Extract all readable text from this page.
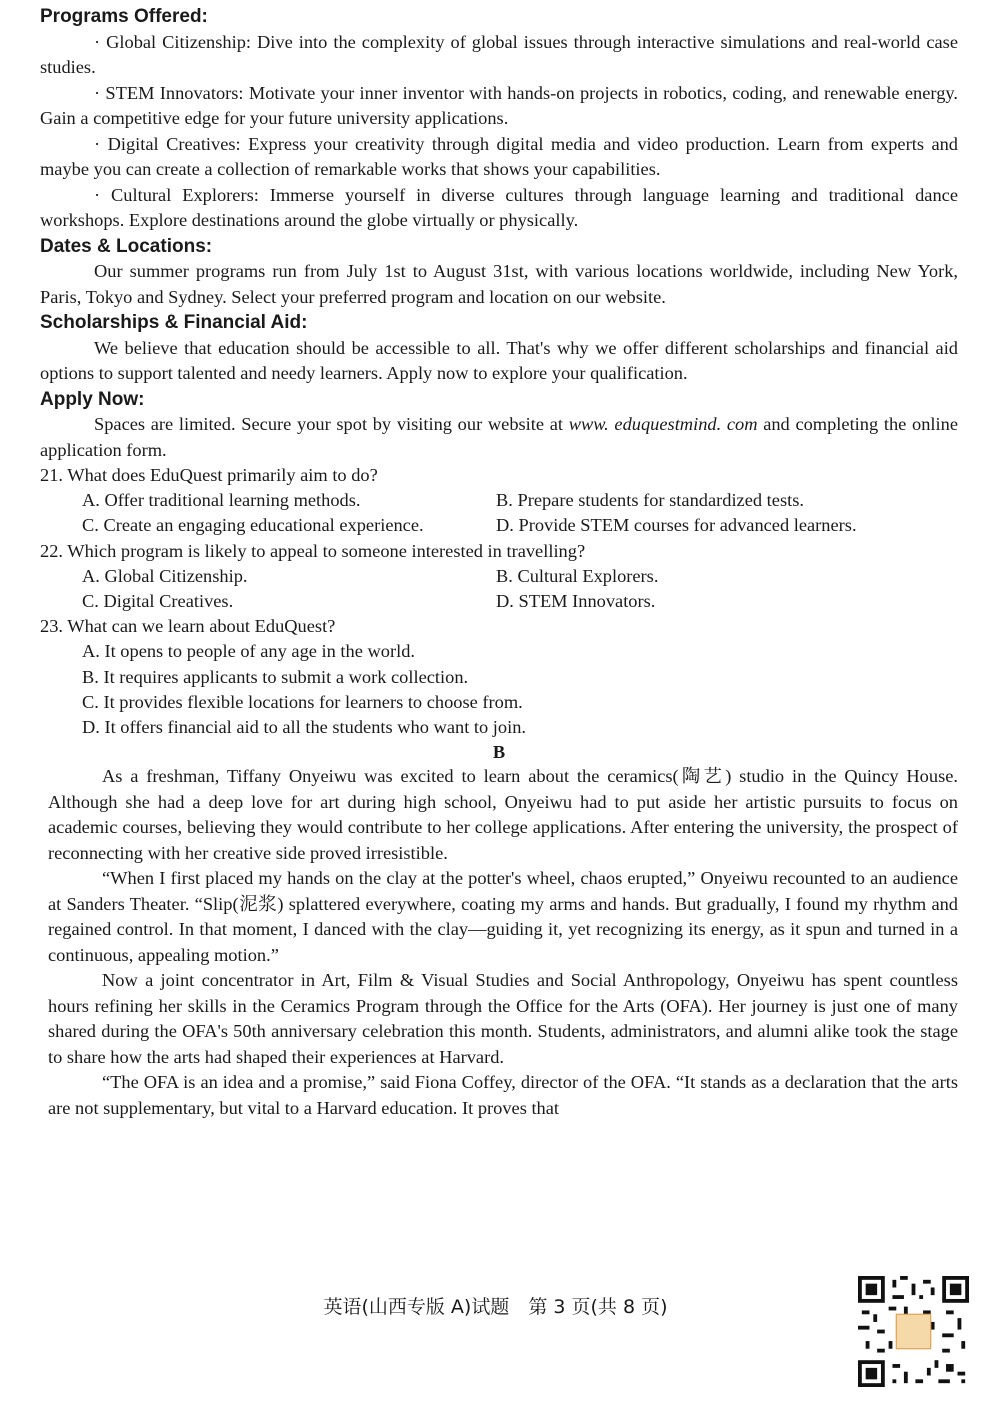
Programs Offered:

· Global Citizenship: Dive into the complexity of global issues through interactive simulations and real-world case studies.

· STEM Innovators: Motivate your inner inventor with hands-on projects in robotics, coding, and renewable energy. Gain a competitive edge for your future university applications.

· Digital Creatives: Express your creativity through digital media and video production. Learn from experts and maybe you can create a collection of remarkable works that shows your capabilities.

· Cultural Explorers: Immerse yourself in diverse cultures through language learning and traditional dance workshops. Explore destinations around the globe virtually or physically.

Dates & Locations:

Our summer programs run from July 1st to August 31st, with various locations worldwide, including New York, Paris, Tokyo and Sydney. Select your preferred program and location on our website.

Scholarships & Financial Aid:

We believe that education should be accessible to all. That's why we offer different scholarships and financial aid options to support talented and needy learners. Apply now to explore your qualification.

Apply Now:

Spaces are limited. Secure your spot by visiting our website at www. eduquestmind. com and completing the online application form.

21. What does EduQuest primarily aim to do?

A. Offer traditional learning methods.	B. Prepare students for standardized tests.
C. Create an engaging educational experience.	D. Provide STEM courses for advanced learners.

22. Which program is likely to appeal to someone interested in travelling?

A. Global Citizenship.	B. Cultural Explorers.
C. Digital Creatives.	D. STEM Innovators.

23. What can we learn about EduQuest?

A. It opens to people of any age in the world.
B. It requires applicants to submit a work collection.
C. It provides flexible locations for learners to choose from.
D. It offers financial aid to all the students who want to join.

B

As a freshman, Tiffany Onyeiwu was excited to learn about the ceramics(陶艺) studio in the Quincy House. Although she had a deep love for art during high school, Onyeiwu had to put aside her artistic pursuits to focus on academic courses, believing they would contribute to her college applications. After entering the university, the prospect of reconnecting with her creative side proved irresistible.

“When I first placed my hands on the clay at the potter's wheel, chaos erupted,” Onyeiwu recounted to an audience at Sanders Theater. “Slip(泥浆) splattered everywhere, coating my arms and hands. But gradually, I found my rhythm and regained control. In that moment, I danced with the clay—guiding it, yet recognizing its energy, as it spun and turned in a continuous, appealing motion.”

Now a joint concentrator in Art, Film & Visual Studies and Social Anthropology, Onyeiwu has spent countless hours refining her skills in the Ceramics Program through the Office for the Arts (OFA). Her journey is just one of many shared during the OFA's 50th anniversary celebration this month. Students, administrators, and alumni alike took the stage to share how the arts had shaped their experiences at Harvard.

“The OFA is an idea and a promise,” said Fiona Coffey, director of the OFA. “It stands as a declaration that the arts are not supplementary, but vital to a Harvard education. It proves that

英语(山西专版 A)试题　第 3 页(共 8 页)
